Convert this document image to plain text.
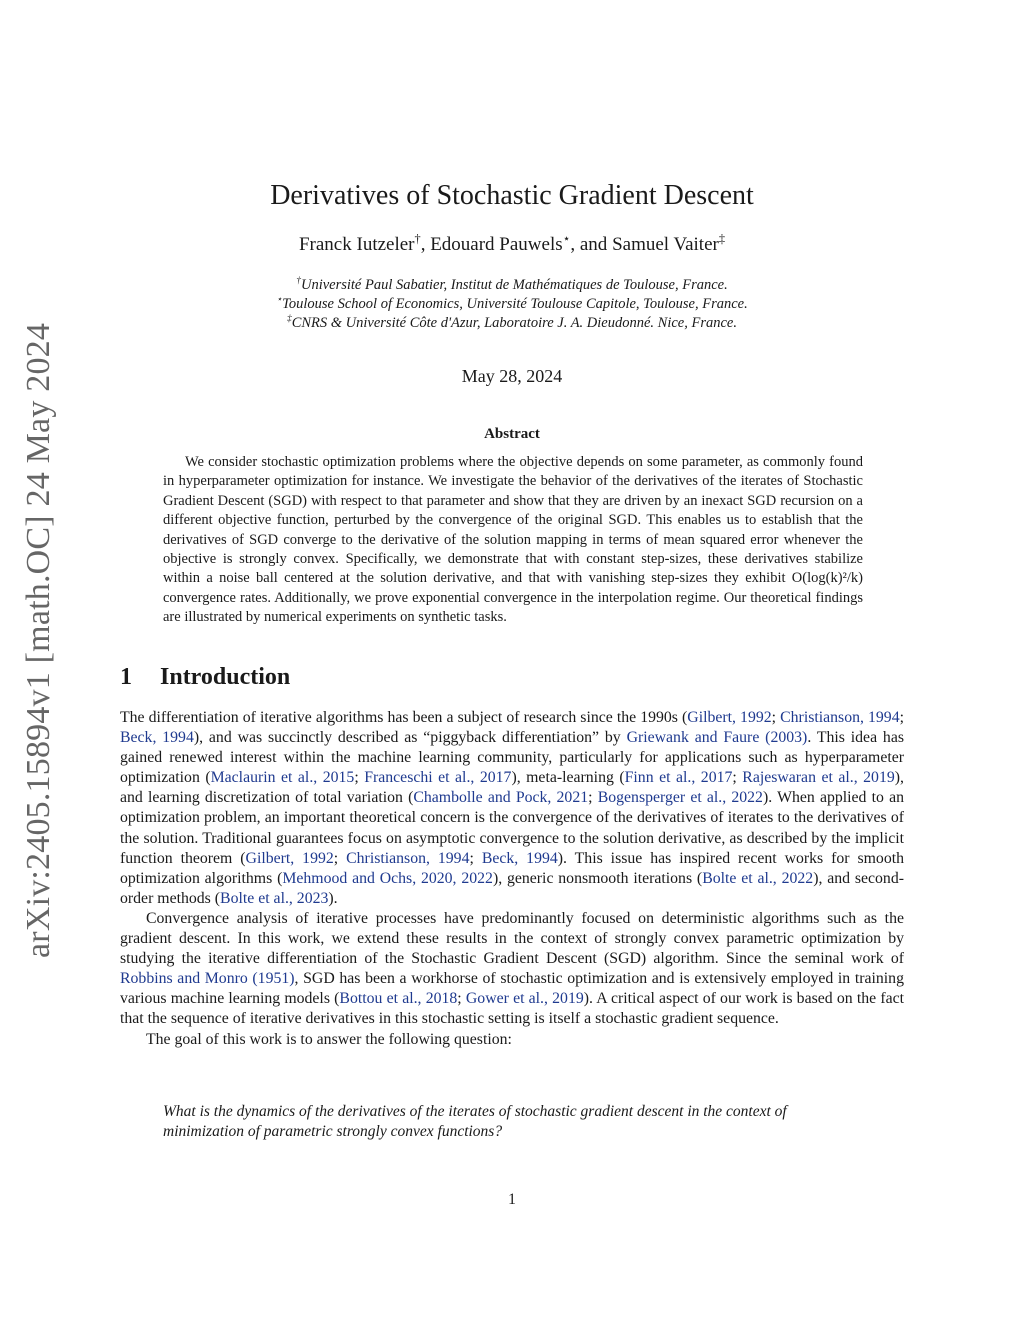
arXiv:2405.15894v1 [math.OC] 24 May 2024
Derivatives of Stochastic Gradient Descent
Franck Iutzeler†, Edouard Pauwels⋆, and Samuel Vaiter‡
†Université Paul Sabatier, Institut de Mathématiques de Toulouse, France.
⋆Toulouse School of Economics, Université Toulouse Capitole, Toulouse, France.
‡CNRS & Université Côte d'Azur, Laboratoire J. A. Dieudonné. Nice, France.
May 28, 2024
Abstract
We consider stochastic optimization problems where the objective depends on some parameter, as commonly found in hyperparameter optimization for instance. We investigate the behavior of the derivatives of the iterates of Stochastic Gradient Descent (SGD) with respect to that parameter and show that they are driven by an inexact SGD recursion on a different objective function, perturbed by the convergence of the original SGD. This enables us to establish that the derivatives of SGD converge to the derivative of the solution mapping in terms of mean squared error whenever the objective is strongly convex. Specifically, we demonstrate that with constant step-sizes, these derivatives stabilize within a noise ball centered at the solution derivative, and that with vanishing step-sizes they exhibit O(log(k)²/k) convergence rates. Additionally, we prove exponential convergence in the interpolation regime. Our theoretical findings are illustrated by numerical experiments on synthetic tasks.
1 Introduction

The differentiation of iterative algorithms has been a subject of research since the 1990s (Gilbert, 1992; Christianson, 1994; Beck, 1994), and was succinctly described as “piggyback differentiation” by Griewank and Faure (2003). This idea has gained renewed interest within the machine learning community, particularly for applications such as hyperparameter optimization (Maclaurin et al., 2015; Franceschi et al., 2017), meta-learning (Finn et al., 2017; Rajeswaran et al., 2019), and learning discretization of total variation (Chambolle and Pock, 2021; Bogensperger et al., 2022). When applied to an optimization problem, an important theoretical concern is the convergence of the derivatives of iterates to the derivatives of the solution. Traditional guarantees focus on asymptotic convergence to the solution derivative, as described by the implicit function theorem (Gilbert, 1992; Christianson, 1994; Beck, 1994). This issue has inspired recent works for smooth optimization algorithms (Mehmood and Ochs, 2020, 2022), generic nonsmooth iterations (Bolte et al., 2022), and second-order methods (Bolte et al., 2023).

Convergence analysis of iterative processes have predominantly focused on deterministic algorithms such as the gradient descent. In this work, we extend these results in the context of strongly convex parametric optimization by studying the iterative differentiation of the Stochastic Gradient Descent (SGD) algorithm. Since the seminal work of Robbins and Monro (1951), SGD has been a workhorse of stochastic optimization and is extensively employed in training various machine learning models (Bottou et al., 2018; Gower et al., 2019). A critical aspect of our work is based on the fact that the sequence of iterative derivatives in this stochastic setting is itself a stochastic gradient sequence.

The goal of this work is to answer the following question:

What is the dynamics of the derivatives of the iterates of stochastic gradient descent in the context of minimization of parametric strongly convex functions?
1
